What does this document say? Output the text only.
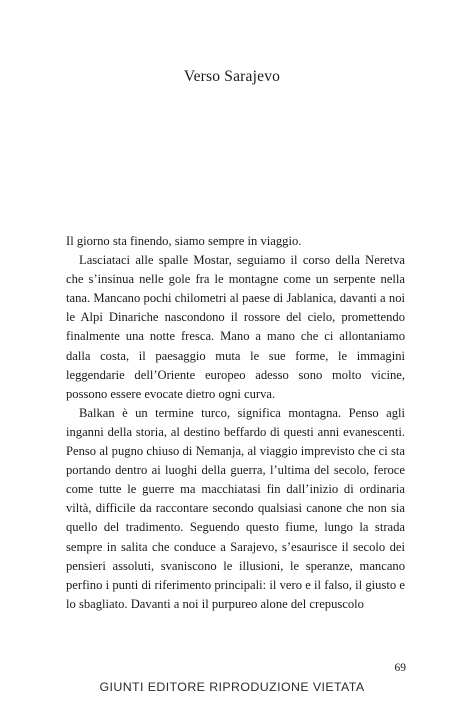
Verso Sarajevo

Il giorno sta finendo, siamo sempre in viaggio.

Lasciataci alle spalle Mostar, seguiamo il corso della Neretva che s’insinua nelle gole fra le montagne come un serpente nella tana. Mancano pochi chilometri al paese di Jablanica, davanti a noi le Alpi Dinariche nascondono il rossore del cielo, promettendo finalmente una notte fresca. Mano a mano che ci allontaniamo dalla costa, il paesaggio muta le sue forme, le immagini leggendarie dell’Oriente europeo adesso sono molto vicine, possono essere evocate dietro ogni curva.

Balkan è un termine turco, significa montagna. Penso agli inganni della storia, al destino beffardo di questi anni evanescenti. Penso al pugno chiuso di Nemanja, al viaggio imprevisto che ci sta portando dentro ai luoghi della guerra, l’ultima del secolo, feroce come tutte le guerre ma macchiatasi fin dall’inizio di ordinaria viltà, difficile da raccontare secondo qualsiasi canone che non sia quello del tradimento. Seguendo questo fiume, lungo la strada sempre in salita che conduce a Sarajevo, s’esaurisce il secolo dei pensieri assoluti, svaniscono le illusioni, le speranze, mancano perfino i punti di riferimento principali: il vero e il falso, il giusto e lo sbagliato. Davanti a noi il purpureo alone del crepuscolo

69
GIUNTI EDITORE RIPRODUZIONE VIETATA
